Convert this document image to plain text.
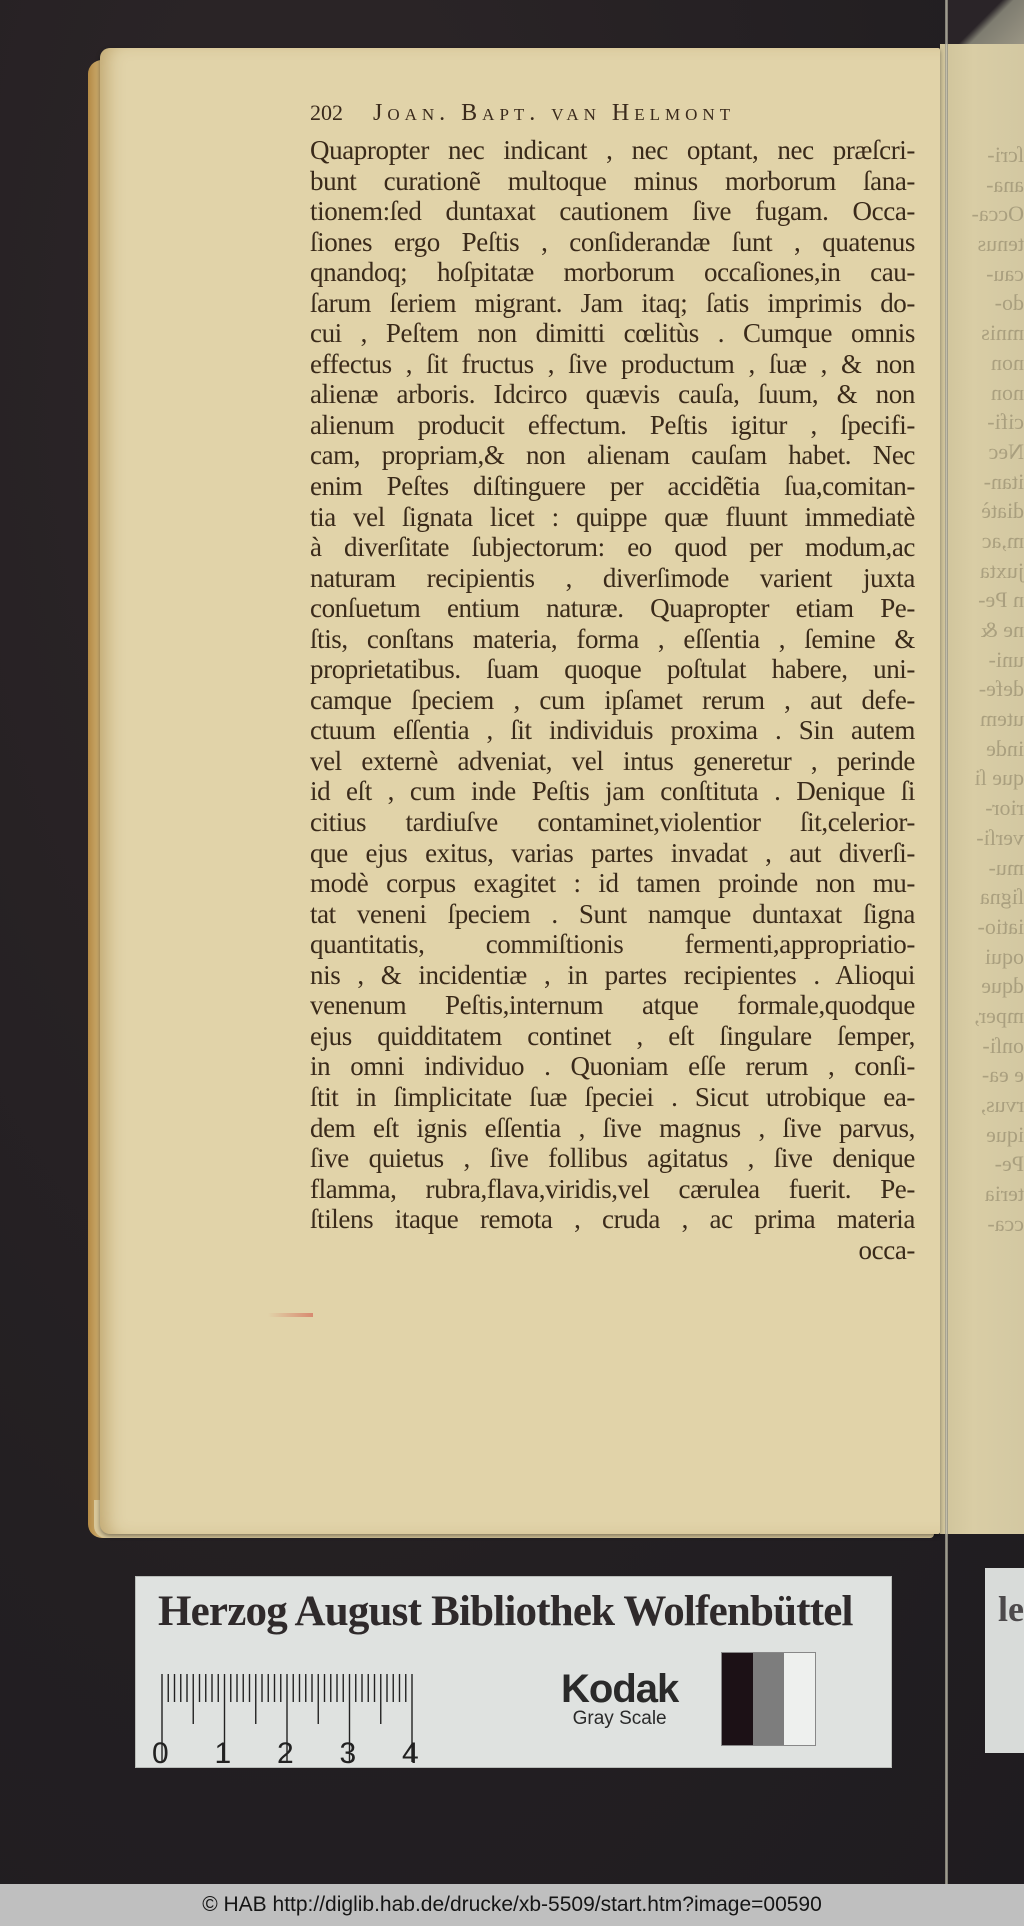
ſcri-
ana-
Occa-
tenus
cau-
do-
mnis
non
non
cifi-
Nec
itan-
diatè
m,ac
juxta
n Pe-
ne &
uni-
defe-
utem
inde
que ſi
rior-
verſi-
mu-
ſigna
iatio-
oqui
dque
mper,
onſi-
e ea-
rvus,
ique
Pe-
teria
cca-
202 Joan. Bapt. van Helmont
Quapropter nec indicant , nec optant, nec præſcri-
bunt curationẽ multoque minus morborum ſana-
tionem:ſed duntaxat cautionem ſive fugam. Occa-
ſiones ergo Peſtis , conſiderandæ ſunt , quatenus
qnandoq; hoſpitatæ morborum occaſiones,in cau-
ſarum ſeriem migrant. Jam itaq; ſatis imprimis do-
cui , Peſtem non dimitti cœlitùs . Cumque omnis
effectus , ſit fructus , ſive productum , ſuæ , & non
alienæ arboris. Idcirco quævis cauſa, ſuum, & non
alienum producit effectum. Peſtis igitur , ſpecifi-
cam, propriam,& non alienam cauſam habet. Nec
enim Peſtes diſtinguere per accidẽtia ſua,comitan-
tia vel ſignata licet : quippe quæ fluunt immediatè
à diverſitate ſubjectorum: eo quod per modum,ac
naturam recipientis , diverſimode varient juxta
conſuetum entium naturæ. Quapropter etiam Pe-
ſtis, conſtans materia, forma , eſſentia , ſemine &
proprietatibus. ſuam quoque poſtulat habere, uni-
camque ſpeciem , cum ipſamet rerum , aut defe-
ctuum eſſentia , ſit individuis proxima . Sin autem
vel externè adveniat, vel intus generetur , perinde
id eſt , cum inde Peſtis jam conſtituta . Denique ſi
citius tardiuſve contaminet,violentior ſit,celerior-
que ejus exitus, varias partes invadat , aut diverſi-
modè corpus exagitet : id tamen proinde non mu-
tat veneni ſpeciem . Sunt namque duntaxat ſigna
quantitatis, commiſtionis fermenti,appropriatio-
nis , & incidentiæ , in partes recipientes . Alioqui
venenum Peſtis,internum atque formale,quodque
ejus quidditatem continet , eſt ſingulare ſemper,
in omni individuo . Quoniam eſſe rerum , conſi-
ſtit in ſimplicitate ſuæ ſpeciei . Sicut utrobique ea-
dem eſt ignis eſſentia , ſive magnus , ſive parvus,
ſive quietus , ſive follibus agitatus , ſive denique
flamma, rubra,flava,viridis,vel cærulea fuerit. Pe-
ſtilens itaque remota , cruda , ac prima materia
occa-
Herzog August Bibliothek Wolfenbüttel
0 1 2 3 4
Kodak
Gray Scale
le
© HAB http://diglib.hab.de/drucke/xb-5509/start.htm?image=00590
